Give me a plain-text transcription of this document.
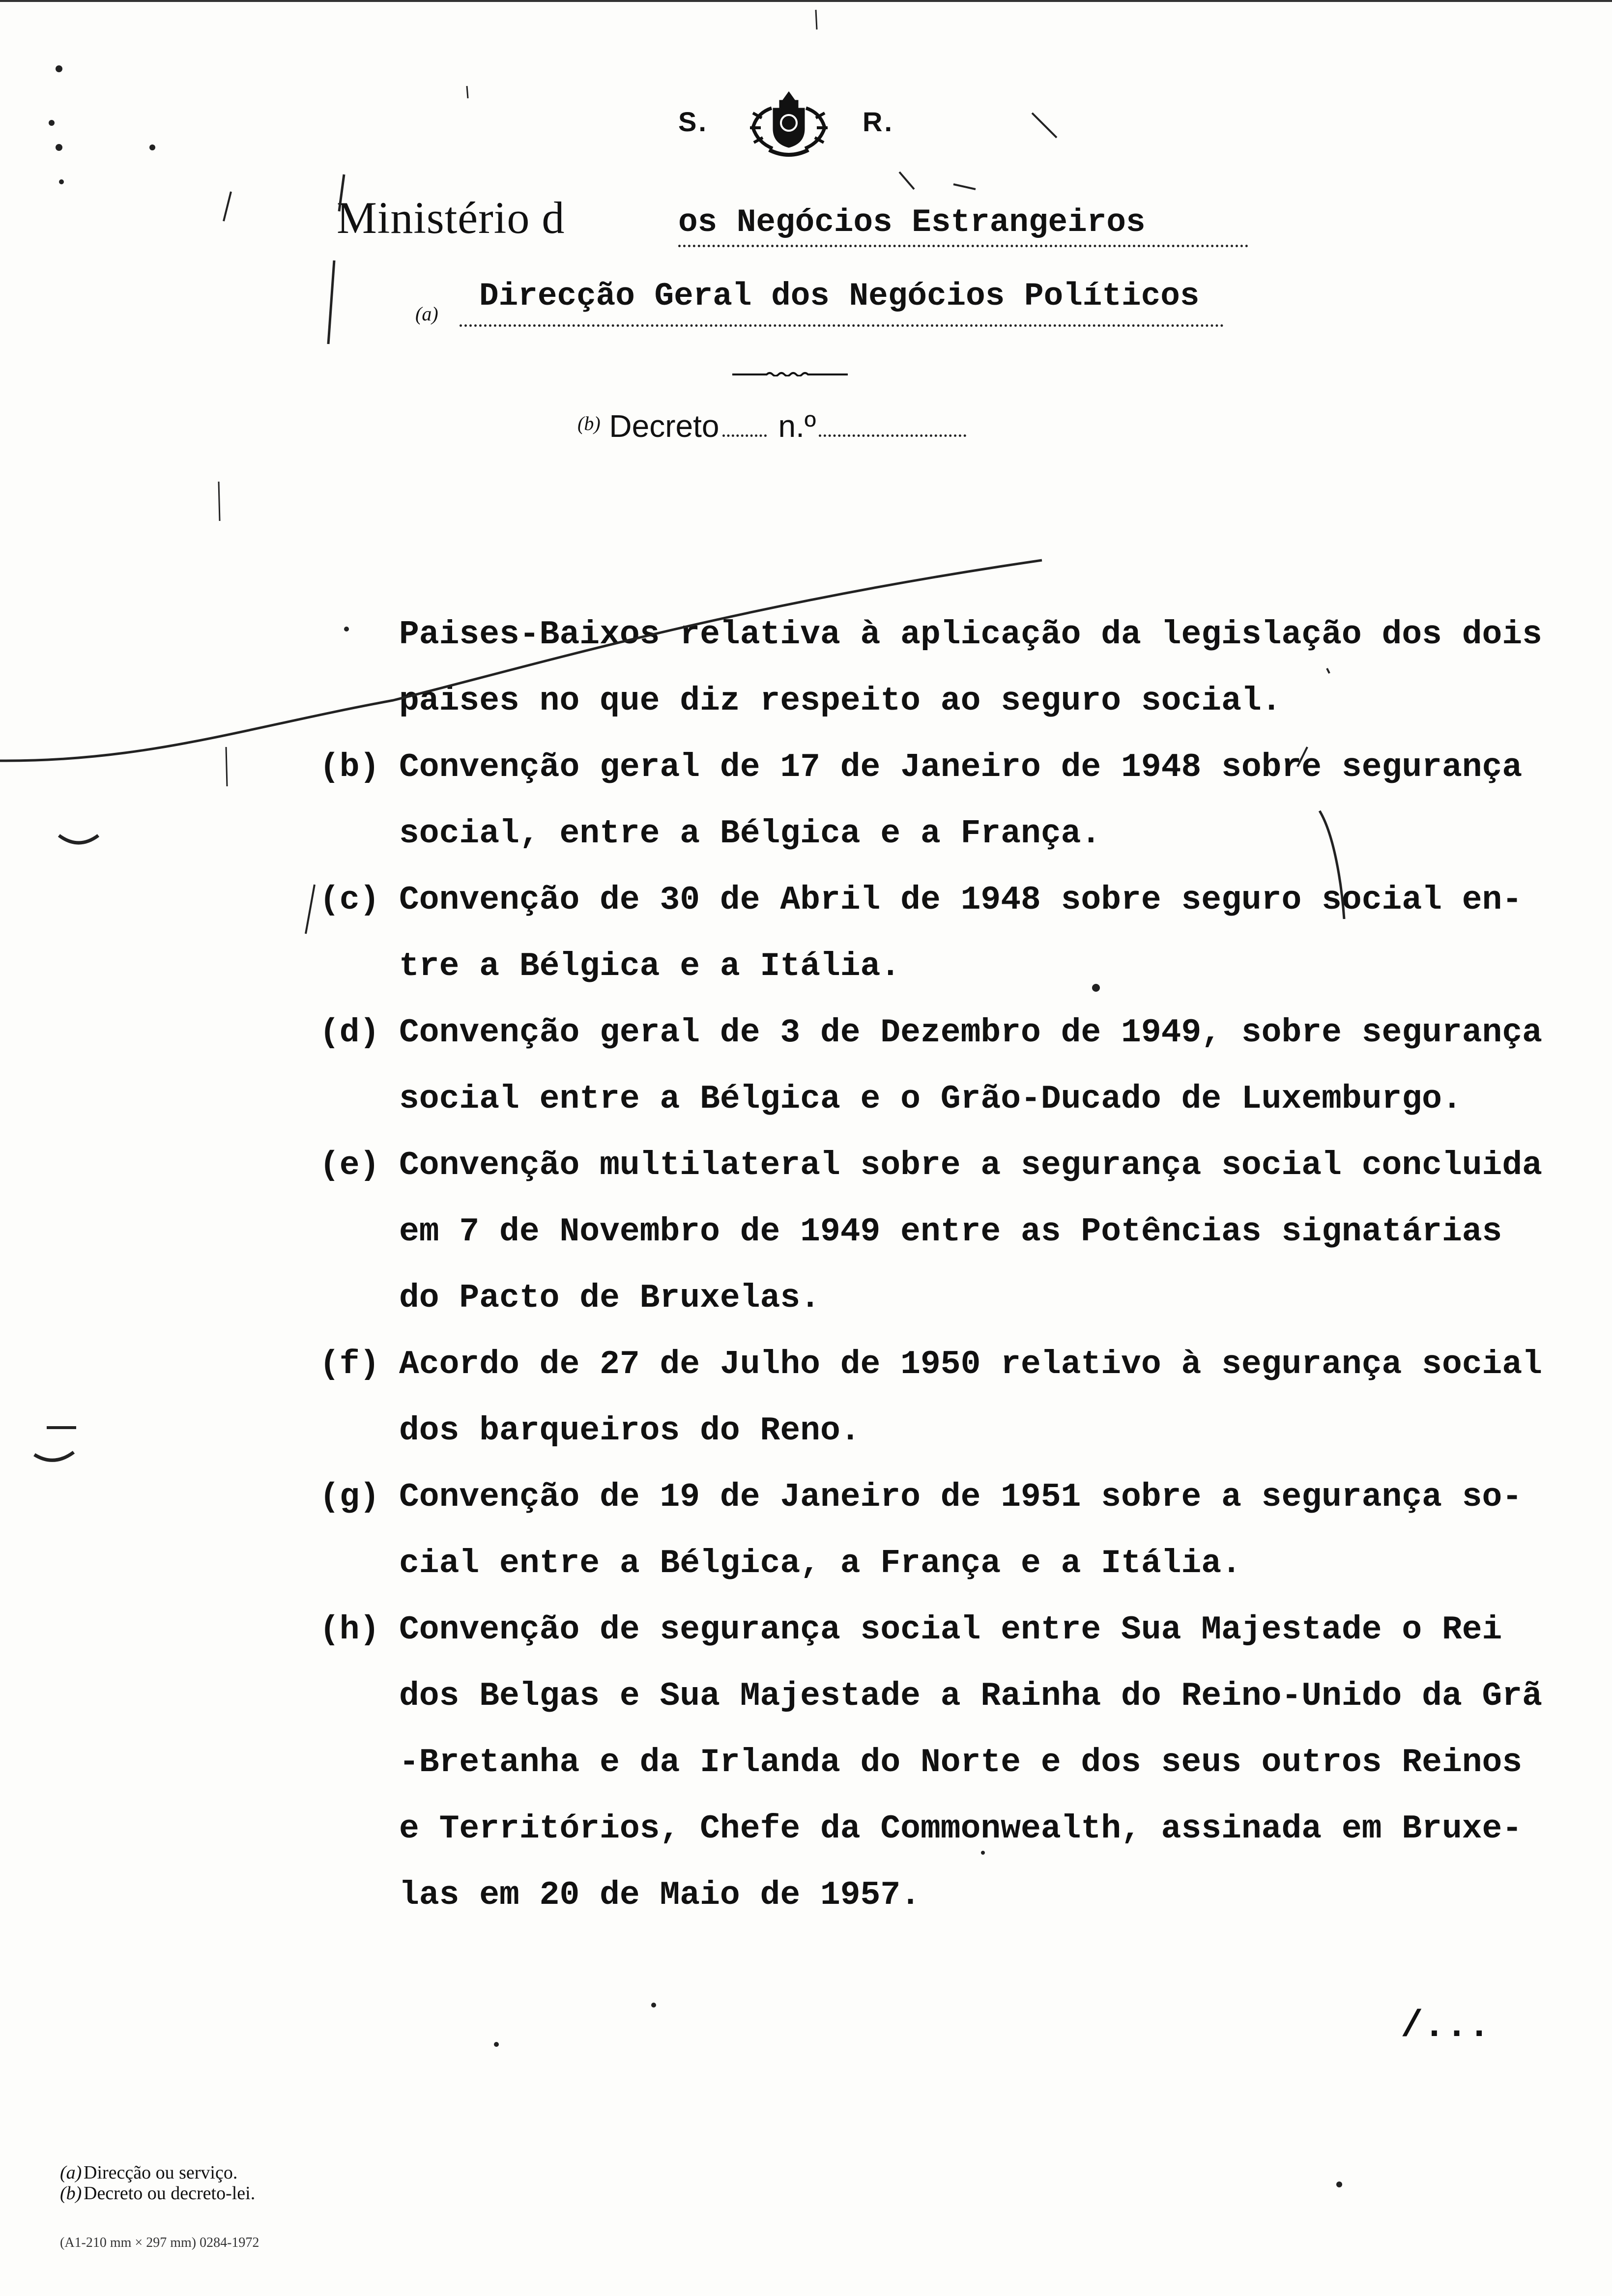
S.	R.
Ministério d	os Negócios Estrangeiros
(a) Direcção Geral dos Negócios Políticos
$^{(b)}$ Decreto n.º
Paises-Baixos relativa à aplicação da legislação dos dois
paises no que diz respeito ao seguro social.
(b) Convenção geral de 17 de Janeiro de 1948 sobre segurança
social, entre a Bélgica e a França.
(c) Convenção de 30 de Abril de 1948 sobre seguro social en-
tre a Bélgica e a Itália.
(d) Convenção geral de 3 de Dezembro de 1949, sobre segurança
social entre a Bélgica e o Grão-Ducado de Luxemburgo.
(e) Convenção multilateral sobre a segurança social concluida
em 7 de Novembro de 1949 entre as Potências signatárias
do Pacto de Bruxelas.
(f) Acordo de 27 de Julho de 1950 relativo à segurança social
dos barqueiros do Reno.
(g) Convenção de 19 de Janeiro de 1951 sobre a segurança so-
cial entre a Bélgica, a França e a Itália.
(h) Convenção de segurança social entre Sua Majestade o Rei
dos Belgas e Sua Majestade a Rainha do Reino-Unido da Grã
-Bretanha e da Irlanda do Norte e dos seus outros Reinos
e Territórios, Chefe da Commonwealth, assinada em Bruxe-
las em 20 de Maio de 1957.
/...
(a)Direcção ou serviço.
(b)Decreto ou decreto-lei.
(A1-210 mm × 297 mm) 0284-1972
